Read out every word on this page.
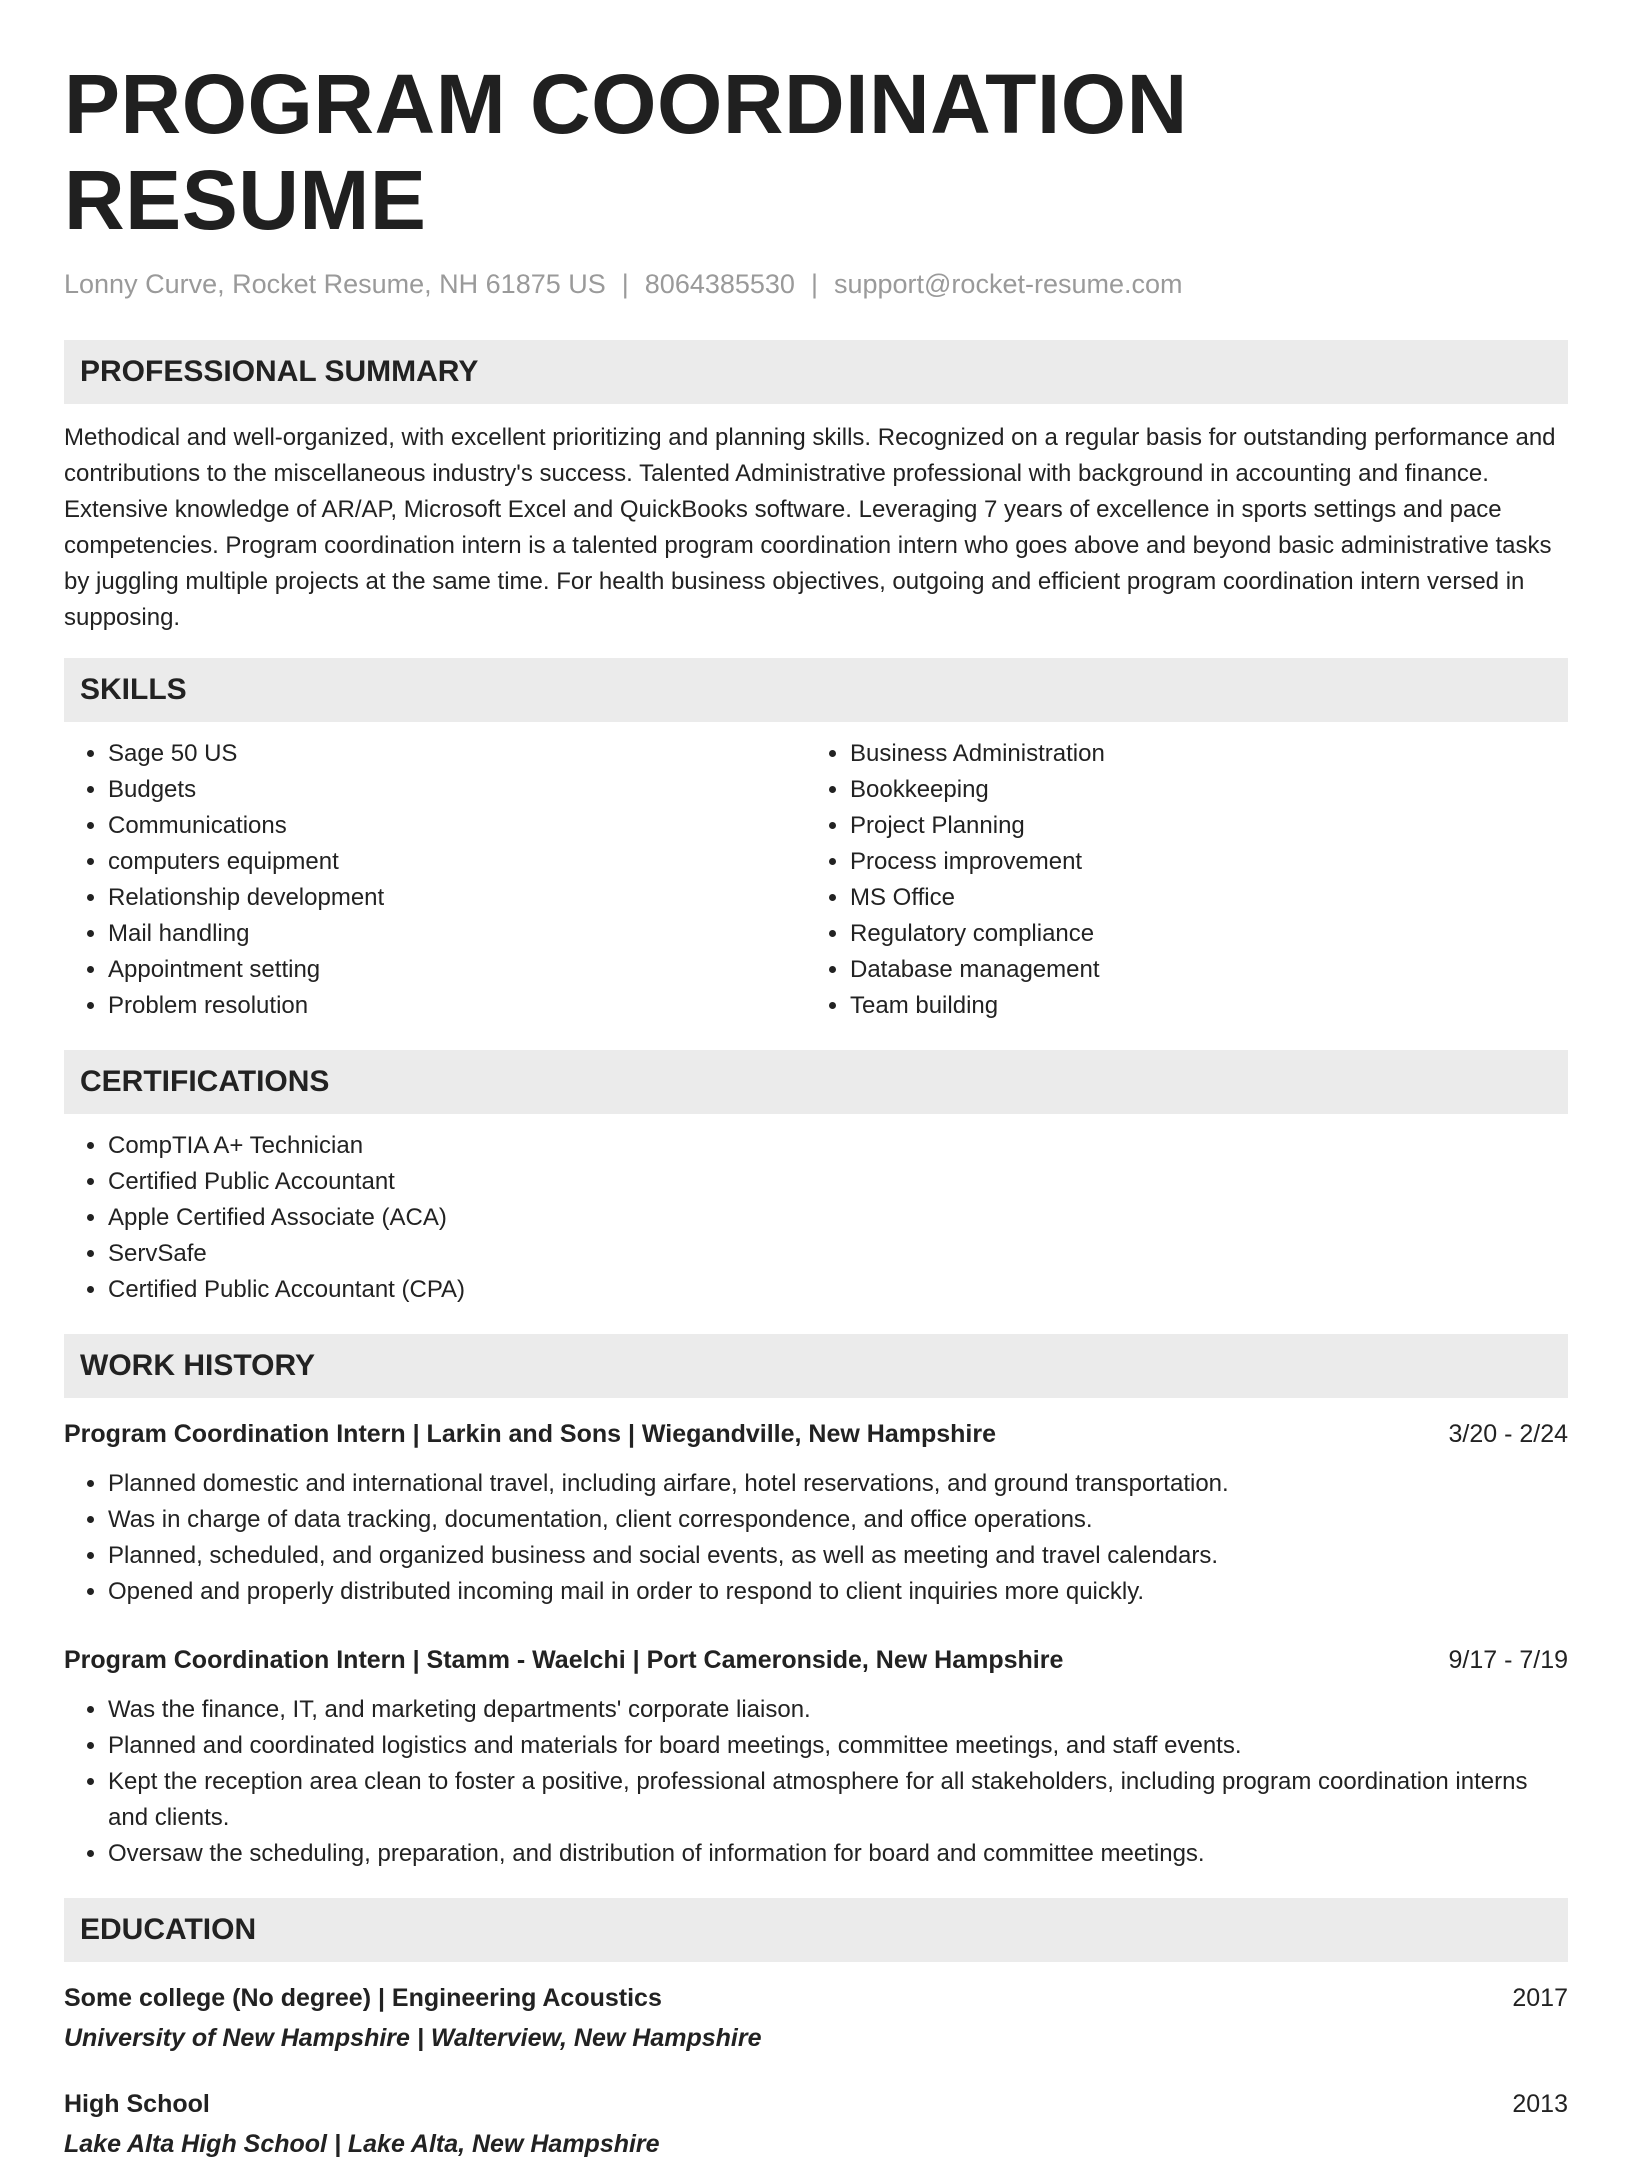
PROGRAM COORDINATION RESUME
Lonny Curve, Rocket Resume, NH 61875 US | 8064385530 | support@rocket-resume.com
PROFESSIONAL SUMMARY

Methodical and well-organized, with excellent prioritizing and planning skills. Recognized on a regular basis for outstanding performance and contributions to the miscellaneous industry's success. Talented Administrative professional with background in accounting and finance. Extensive knowledge of AR/AP, Microsoft Excel and QuickBooks software. Leveraging 7 years of excellence in sports settings and pace competencies. Program coordination intern is a talented program coordination intern who goes above and beyond basic administrative tasks by juggling multiple projects at the same time. For health business objectives, outgoing and efficient program coordination intern versed in supposing.

SKILLS
• Sage 50 US
• Budgets
• Communications
• computers equipment
• Relationship development
• Mail handling
• Appointment setting
• Problem resolution
• Business Administration
• Bookkeeping
• Project Planning
• Process improvement
• MS Office
• Regulatory compliance
• Database management
• Team building
CERTIFICATIONS
• CompTIA A+ Technician
• Certified Public Accountant
• Apple Certified Associate (ACA)
• ServSafe
• Certified Public Accountant (CPA)
WORK HISTORY
Program Coordination Intern | Larkin and Sons | Wiegandville, New Hampshire	3/20 - 2/24
• Planned domestic and international travel, including airfare, hotel reservations, and ground transportation.
• Was in charge of data tracking, documentation, client correspondence, and office operations.
• Planned, scheduled, and organized business and social events, as well as meeting and travel calendars.
• Opened and properly distributed incoming mail in order to respond to client inquiries more quickly.
Program Coordination Intern | Stamm - Waelchi | Port Cameronside, New Hampshire	9/17 - 7/19
• Was the finance, IT, and marketing departments' corporate liaison.
• Planned and coordinated logistics and materials for board meetings, committee meetings, and staff events.
• Kept the reception area clean to foster a positive, professional atmosphere for all stakeholders, including program coordination interns and clients.
• Oversaw the scheduling, preparation, and distribution of information for board and committee meetings.
EDUCATION
Some college (No degree) | Engineering Acoustics	2017
University of New Hampshire | Walterview, New Hampshire
High School	2013
Lake Alta High School | Lake Alta, New Hampshire
